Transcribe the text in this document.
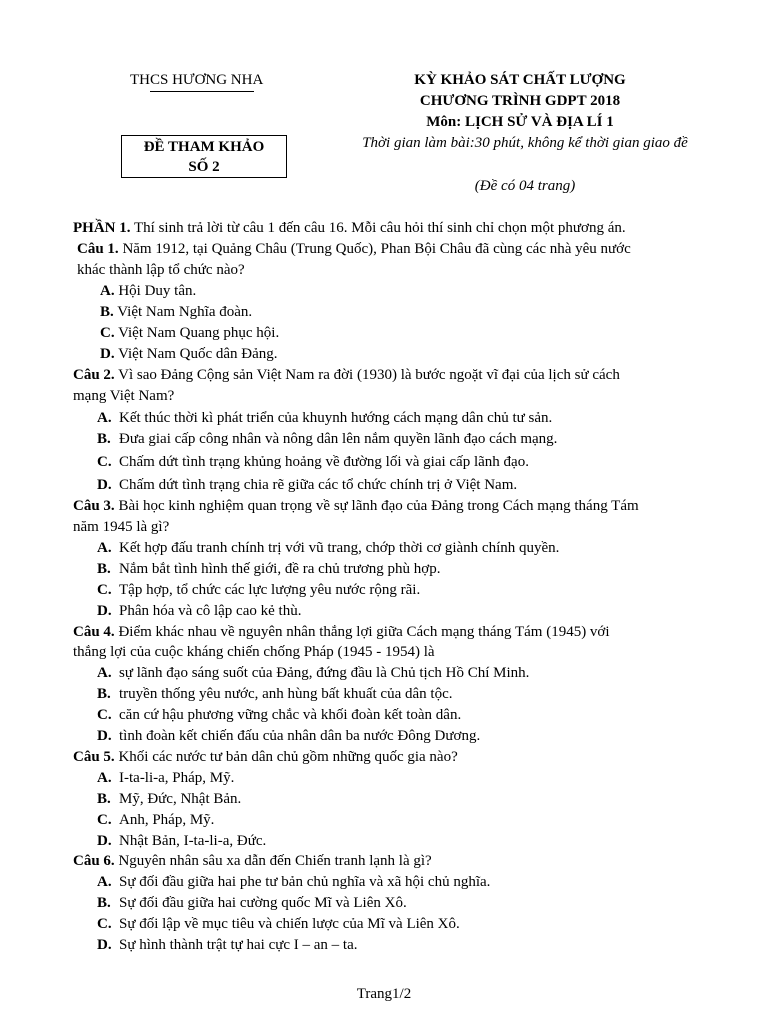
THCS HƯƠNG NHA
ĐỀ THAM KHẢO
SỐ 2
KỲ KHẢO SÁT CHẤT LƯỢNG
CHƯƠNG TRÌNH GDPT 2018
Môn: LỊCH SỬ VÀ ĐỊA LÍ 1
Thời gian làm bài:30 phút, không kể thời gian giao đề
(Đề có 04 trang)
PHẦN 1. Thí sinh trả lời từ câu 1 đến câu 16. Mỗi câu hỏi thí sinh chỉ chọn một phương án.
Câu 1. Năm 1912, tại Quảng Châu (Trung Quốc), Phan Bội Châu đã cùng các nhà yêu nước
khác thành lập tổ chức nào?
A. Hội Duy tân.
B. Việt Nam Nghĩa đoàn.
C. Việt Nam Quang phục hội.
D. Việt Nam Quốc dân Đảng.
Câu 2. Vì sao Đảng Cộng sản Việt Nam ra đời (1930) là bước ngoặt vĩ đại của lịch sử cách
mạng Việt Nam?
A. Kết thúc thời kì phát triển của khuynh hướng cách mạng dân chủ tư sản.
B. Đưa giai cấp công nhân và nông dân lên nắm quyền lãnh đạo cách mạng.
C. Chấm dứt tình trạng khủng hoảng về đường lối và giai cấp lãnh đạo.
D. Chấm dứt tình trạng chia rẽ giữa các tổ chức chính trị ở Việt Nam.
Câu 3. Bài học kinh nghiệm quan trọng về sự lãnh đạo của Đảng trong Cách mạng tháng Tám
năm 1945 là gì?
A. Kết hợp đấu tranh chính trị với vũ trang, chớp thời cơ giành chính quyền.
B. Nắm bắt tình hình thế giới, đề ra chủ trương phù hợp.
C. Tập hợp, tổ chức các lực lượng yêu nước rộng rãi.
D. Phân hóa và cô lập cao kẻ thù.
Câu 4. Điểm khác nhau về nguyên nhân thắng lợi giữa Cách mạng tháng Tám (1945) với
thắng lợi của cuộc kháng chiến chống Pháp (1945 - 1954) là
A. sự lãnh đạo sáng suốt của Đảng, đứng đầu là Chủ tịch Hồ Chí Minh.
B. truyền thống yêu nước, anh hùng bất khuất của dân tộc.
C. căn cứ hậu phương vững chắc và khối đoàn kết toàn dân.
D. tình đoàn kết chiến đấu của nhân dân ba nước Đông Dương.
Câu 5. Khối các nước tư bản dân chủ gồm những quốc gia nào?
A. I-ta-li-a, Pháp, Mỹ.
B. Mỹ, Đức, Nhật Bản.
C. Anh, Pháp, Mỹ.
D. Nhật Bản, I-ta-li-a, Đức.
Câu 6. Nguyên nhân sâu xa dẫn đến Chiến tranh lạnh là gì?
A. Sự đối đầu giữa hai phe tư bản chủ nghĩa và xã hội chủ nghĩa.
B. Sự đối đầu giữa hai cường quốc Mĩ và Liên Xô.
C. Sự đối lập về mục tiêu và chiến lược của Mĩ và Liên Xô.
D. Sự hình thành trật tự hai cực I – an – ta.
Trang1/2
